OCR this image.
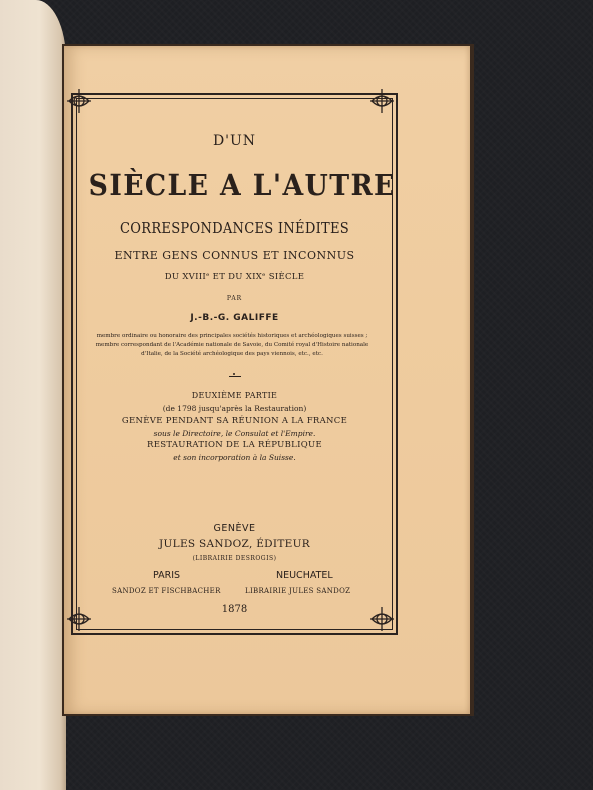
D'UN
SIÈCLE A L'AUTRE
CORRESPONDANCES INÉDITES
ENTRE GENS CONNUS ET INCONNUS
DU XVIIIᵉ ET DU XIXᵉ SIÈCLE
PAR
J.-B.-G. GALIFFE
membre ordinaire ou honoraire des principales sociétés historiques et archéologiques suisses ; membre correspondant de l'Académie nationale de Savoie, du Comité royal d'Histoire nationale d'Italie, de la Société archéologique des pays viennois, etc., etc.
DEUXIÈME PARTIE
(de 1798 jusqu'après la Restauration)
GENÈVE PENDANT SA RÉUNION A LA FRANCE
sous le Directoire, le Consulat et l'Empire.
RESTAURATION DE LA RÉPUBLIQUE
et son incorporation à la Suisse.
GENÈVE
JULES SANDOZ, ÉDITEUR
(LIBRAIRIE DESROGIS)
PARIS	NEUCHATEL
SANDOZ ET FISCHBACHER	LIBRAIRIE JULES SANDOZ
1878
